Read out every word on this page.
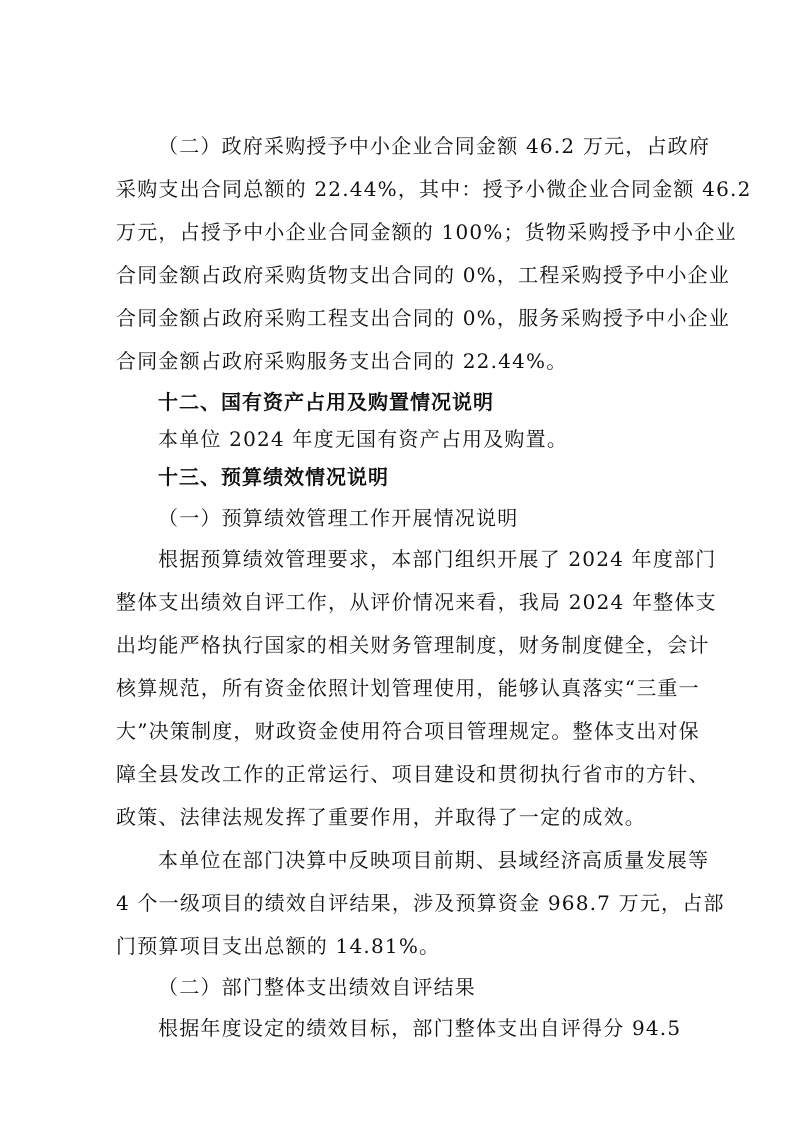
（二）政府采购授予中小企业合同金额 46.2 万元，占政府
采购支出合同总额的 22.44%，其中：授予小微企业合同金额 46.2
万元，占授予中小企业合同金额的 100%；货物采购授予中小企业
合同金额占政府采购货物支出合同的 0%，工程采购授予中小企业
合同金额占政府采购工程支出合同的 0%，服务采购授予中小企业
合同金额占政府采购服务支出合同的 22.44%。
十二、国有资产占用及购置情况说明
本单位 2024 年度无国有资产占用及购置。
十三、预算绩效情况说明
（一）预算绩效管理工作开展情况说明
根据预算绩效管理要求，本部门组织开展了 2024 年度部门
整体支出绩效自评工作，从评价情况来看，我局 2024 年整体支
出均能严格执行国家的相关财务管理制度，财务制度健全，会计
核算规范，所有资金依照计划管理使用，能够认真落实“三重一
大”决策制度，财政资金使用符合项目管理规定。整体支出对保
障全县发改工作的正常运行、项目建设和贯彻执行省市的方针、
政策、法律法规发挥了重要作用，并取得了一定的成效。
本单位在部门决算中反映项目前期、县域经济高质量发展等
4 个一级项目的绩效自评结果，涉及预算资金 968.7 万元，占部
门预算项目支出总额的 14.81%。
（二）部门整体支出绩效自评结果
根据年度设定的绩效目标，部门整体支出自评得分 94.5
